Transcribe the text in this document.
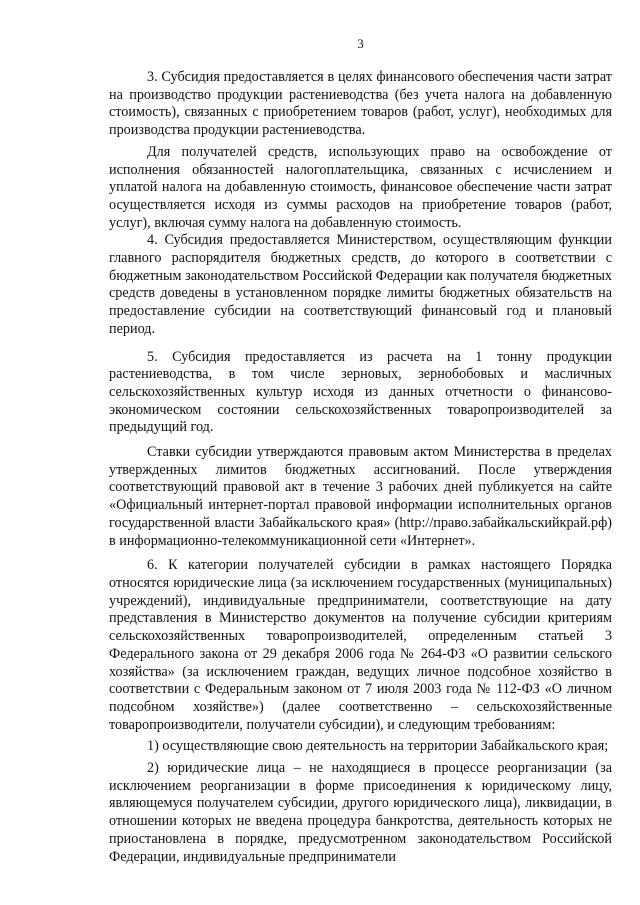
3

3. Субсидия предоставляется в целях финансового обеспечения части затрат на производство продукции растениеводства (без учета налога на добавленную стоимость), связанных с приобретением товаров (работ, услуг), необходимых для производства продукции растениеводства.

Для получателей средств, использующих право на освобождение от исполнения обязанностей налогоплательщика, связанных с исчислением и уплатой налога на добавленную стоимость, финансовое обеспечение части затрат осуществляется исходя из суммы расходов на приобретение товаров (работ, услуг), включая сумму налога на добавленную стоимость.

4. Субсидия предоставляется Министерством, осуществляющим функции главного распорядителя бюджетных средств, до которого в соответствии с бюджетным законодательством Российской Федерации как получателя бюджетных средств доведены в установленном порядке лимиты бюджетных обязательств на предоставление субсидии на соответствующий финансовый год и плановый период.

5. Субсидия предоставляется из расчета на 1 тонну продукции растениеводства, в том числе зерновых, зернобобовых и масличных сельскохозяйственных культур исходя из данных отчетности о финансово-экономическом состоянии сельскохозяйственных товаропроизводителей за предыдущий год.

Ставки субсидии утверждаются правовым актом Министерства в пределах утвержденных лимитов бюджетных ассигнований. После утверждения соответствующий правовой акт в течение 3 рабочих дней публикуется на сайте «Официальный интернет-портал правовой информации исполнительных органов государственной власти Забайкальского края» (http://право.забайкальскийкрай.рф) в информационно-телекоммуникационной сети «Интернет».

6. К категории получателей субсидии в рамках настоящего Порядка относятся юридические лица (за исключением государственных (муниципальных) учреждений), индивидуальные предприниматели, соответствующие на дату представления в Министерство документов на получение субсидии критериям сельскохозяйственных товаропроизводителей, определенным статьей 3 Федерального закона от 29 декабря 2006 года № 264-ФЗ «О развитии сельского хозяйства» (за исключением граждан, ведущих личное подсобное хозяйство в соответствии с Федеральным законом от 7 июля 2003 года № 112-ФЗ «О личном подсобном хозяйстве») (далее соответственно – сельскохозяйственные товаропроизводители, получатели субсидии), и следующим требованиям:

1) осуществляющие свою деятельность на территории Забайкальского края;

2) юридические лица – не находящиеся в процессе реорганизации (за исключением реорганизации в форме присоединения к юридическому лицу, являющемуся получателем субсидии, другого юридического лица), ликвидации, в отношении которых не введена процедура банкротства, деятельность которых не приостановлена в порядке, предусмотренном законодательством Российской Федерации, индивидуальные предприниматели
